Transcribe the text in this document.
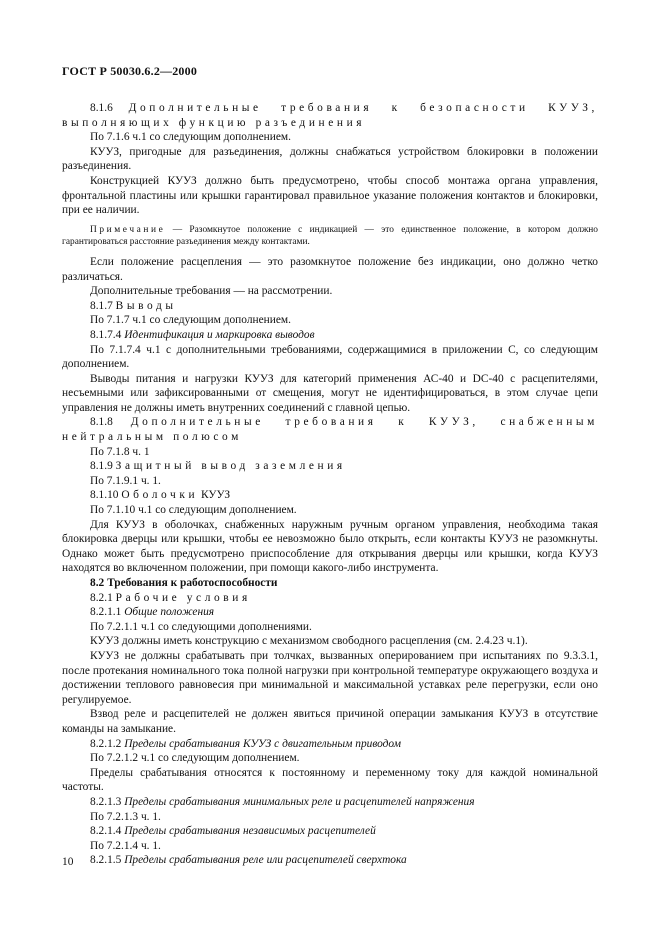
ГОСТ Р 50030.6.2—2000

8.1.6 Дополнительные требования к безопасности КУУЗ, выполняющих функцию разъединения

По 7.1.6 ч.1 со следующим дополнением.

КУУЗ, пригодные для разъединения, должны снабжаться устройством блокировки в положении разъединения.

Конструкцией КУУЗ должно быть предусмотрено, чтобы способ монтажа органа управления, фронтальной пластины или крышки гарантировал правильное указание положения контактов и блокировки, при ее наличии.

Примечание — Разомкнутое положение с индикацией — это единственное положение, в котором должно гарантироваться расстояние разъединения между контактами.

Если положение расцепления — это разомкнутое положение без индикации, оно должно четко различаться.

Дополнительные требования — на рассмотрении.

8.1.7 Выводы

По 7.1.7 ч.1 со следующим дополнением.

8.1.7.4 Идентификация и маркировка выводов

По 7.1.7.4 ч.1 с дополнительными требованиями, содержащимися в приложении С, со следующим дополнением.

Выводы питания и нагрузки КУУЗ для категорий применения АС-40 и DC-40 с расцепителями, несъемными или зафиксированными от смещения, могут не идентифицироваться, в этом случае цепи управления не должны иметь внутренних соединений с главной цепью.

8.1.8 Дополнительные требования к КУУЗ, снабженным нейтральным полюсом

По 7.1.8 ч. 1

8.1.9 Защитный вывод заземления

По 7.1.9.1 ч. 1.

8.1.10 Оболочки КУУЗ

По 7.1.10 ч.1 со следующим дополнением.

Для КУУЗ в оболочках, снабженных наружным ручным органом управления, необходима такая блокировка дверцы или крышки, чтобы ее невозможно было открыть, если контакты КУУЗ не разомкнуты. Однако может быть предусмотрено приспособление для открывания дверцы или крышки, когда КУУЗ находятся во включенном положении, при помощи какого-либо инструмента.

8.2 Требования к работоспособности

8.2.1 Рабочие условия

8.2.1.1 Общие положения

По 7.2.1.1 ч.1 со следующими дополнениями.

КУУЗ должны иметь конструкцию с механизмом свободного расцепления (см. 2.4.23 ч.1).

КУУЗ не должны срабатывать при толчках, вызванных оперированием при испытаниях по 9.3.3.1, после протекания номинального тока полной нагрузки при контрольной температуре окружающего воздуха и достижении теплового равновесия при минимальной и максимальной уставках реле перегрузки, если оно регулируемое.

Взвод реле и расцепителей не должен явиться причиной операции замыкания КУУЗ в отсутствие команды на замыкание.

8.2.1.2 Пределы срабатывания КУУЗ с двигательным приводом

По 7.2.1.2 ч.1 со следующим дополнением.

Пределы срабатывания относятся к постоянному и переменному току для каждой номинальной частоты.

8.2.1.3 Пределы срабатывания минимальных реле и расцепителей напряжения

По 7.2.1.3 ч. 1.

8.2.1.4 Пределы срабатывания независимых расцепителей

По 7.2.1.4 ч. 1.

8.2.1.5 Пределы срабатывания реле или расцепителей сверхтока

10
